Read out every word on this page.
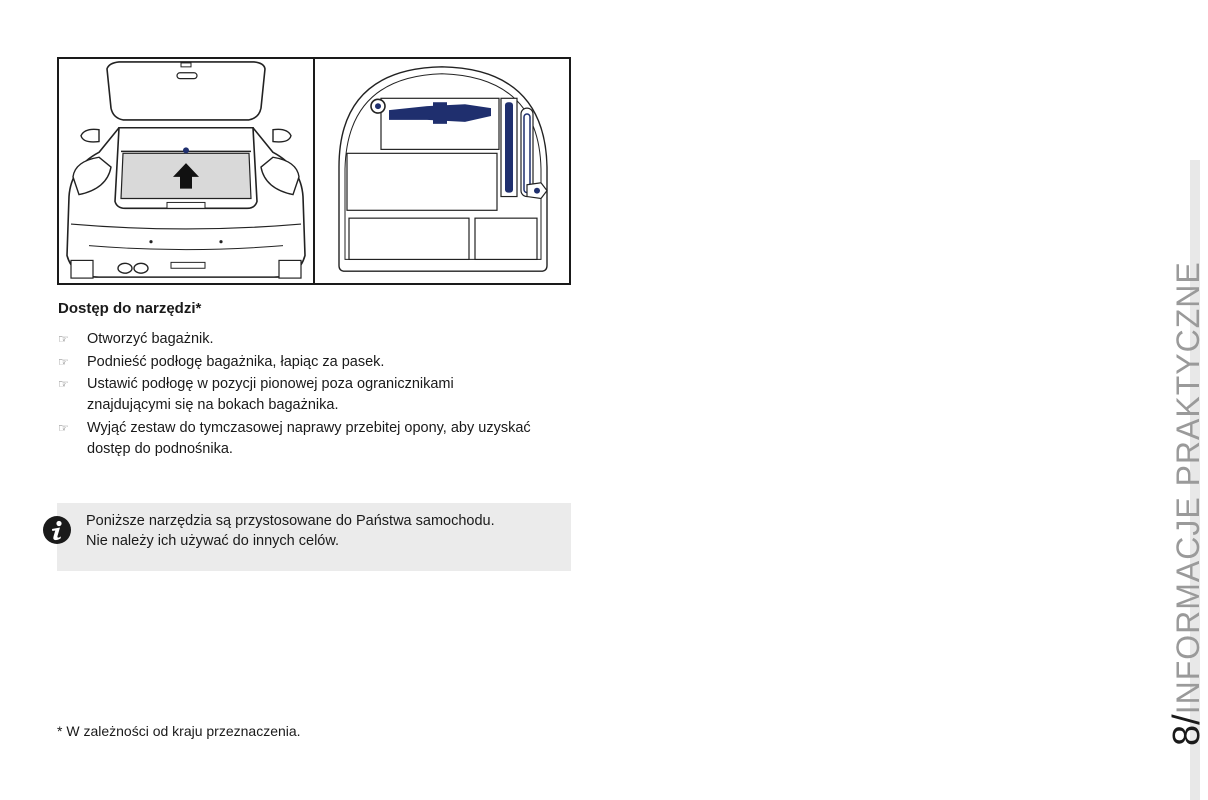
Dostęp do narzędzi*
☞ Otworzyć bagażnik.
☞ Podnieść podłogę bagażnika, łapiąc za pasek.
☞ Ustawić podłogę w pozycji pionowej poza ogranicznikami znajdującymi się na bokach bagażnika.
☞ Wyjąć zestaw do tymczasowej naprawy przebitej opony, aby uzyskać dostęp do podnośnika.
Poniższe narzędzia są przystosowane do Państwa samochodu.
Nie należy ich używać do innych celów.
* W zależności od kraju przeznaczenia.	8/INFORMACJE PRAKTYCZNE
